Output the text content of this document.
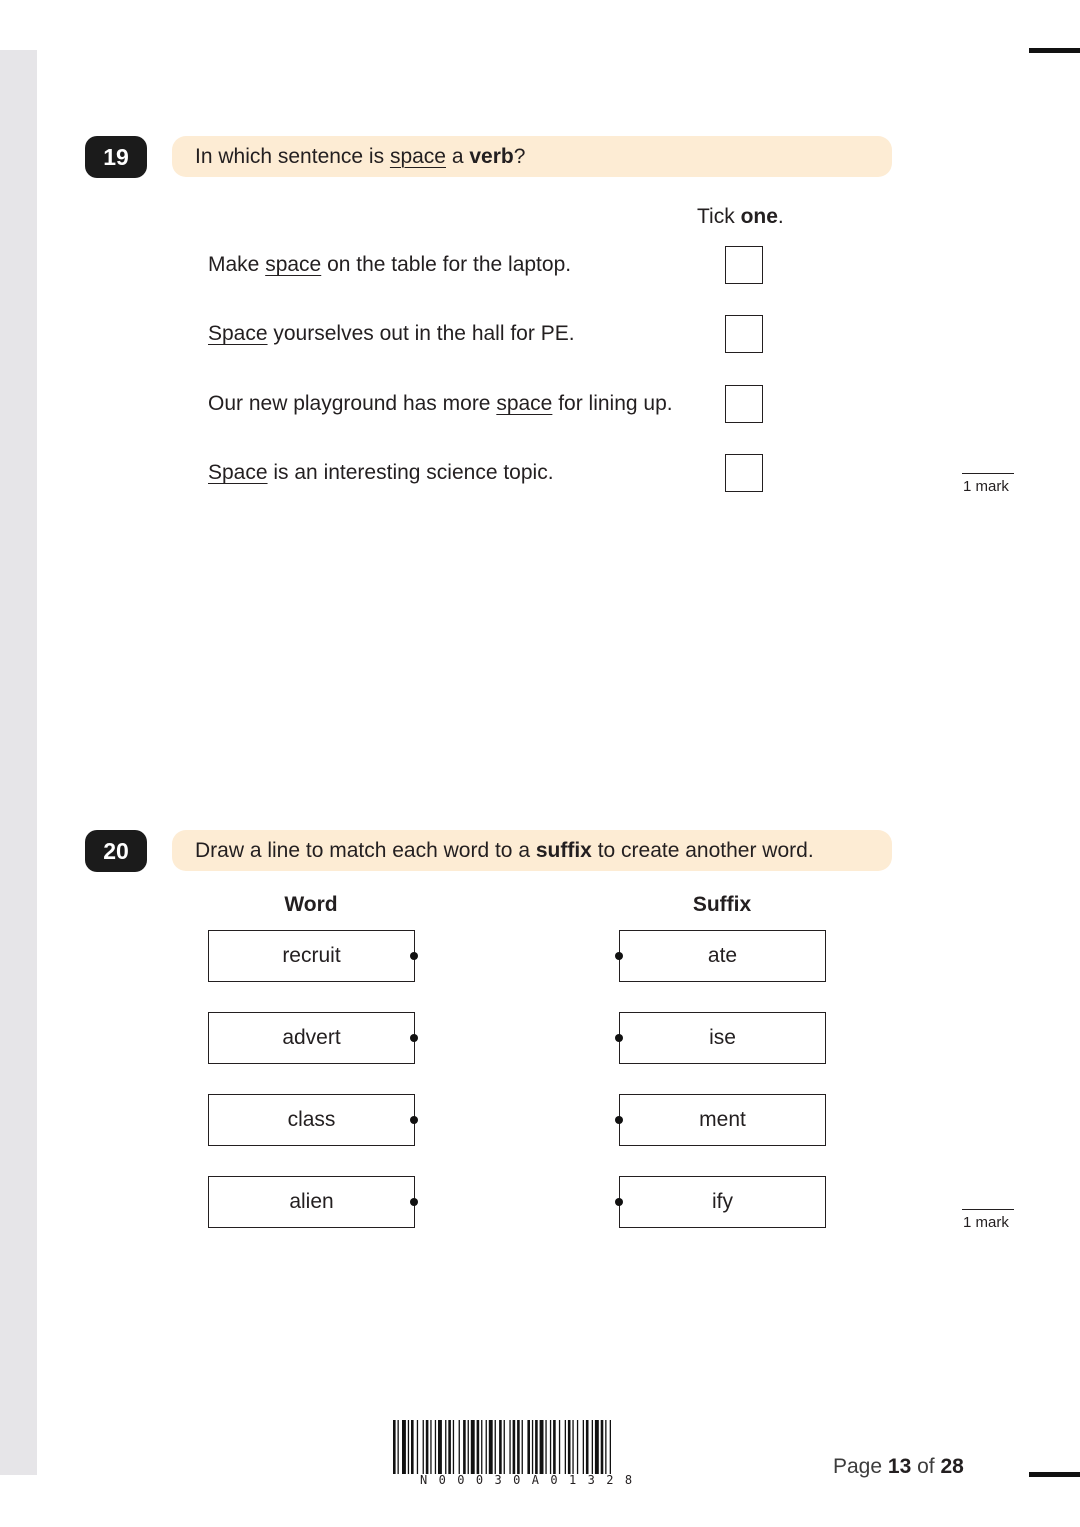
19	In which sentence is space a verb ?
Tick one.
Make space on the table for the laptop.
Space yourselves out in the hall for PE.
Our new playground has more space for lining up.
Space is an interesting science topic.
1 mark
20	Draw a line to match each word to a suffix to create another word.
Word	Suffix
recruit	ate
advert	ise
class	ment
alien	ify
1 mark
N00030A01328
Page 13 of 28
